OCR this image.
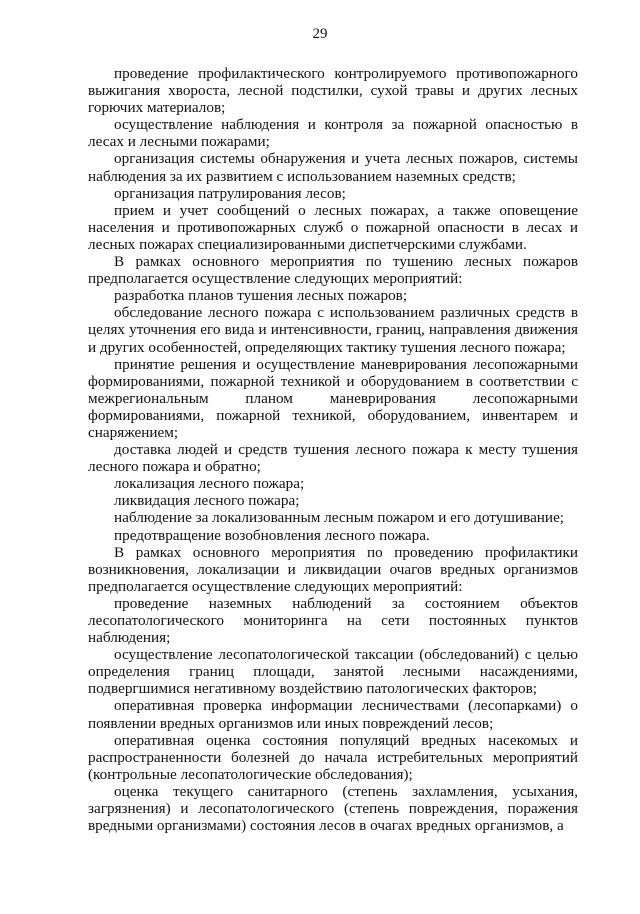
29

проведение профилактического контролируемого противопожарного выжигания хвороста, лесной подстилки, сухой травы и других лесных горючих материалов;

осуществление наблюдения и контроля за пожарной опасностью в лесах и лесными пожарами;

организация системы обнаружения и учета лесных пожаров, системы наблюдения за их развитием с использованием наземных средств;

организация патрулирования лесов;

прием и учет сообщений о лесных пожарах, а также оповещение населения и противопожарных служб о пожарной опасности в лесах и лесных пожарах специализированными диспетчерскими службами.

В рамках основного мероприятия по тушению лесных пожаров предполагается осуществление следующих мероприятий:

разработка планов тушения лесных пожаров;

обследование лесного пожара с использованием различных средств в целях уточнения его вида и интенсивности, границ, направления движения и других особенностей, определяющих тактику тушения лесного пожара;

принятие решения и осуществление маневрирования лесопожарными формированиями, пожарной техникой и оборудованием в соответствии с межрегиональным планом маневрирования лесопожарными формированиями, пожарной техникой, оборудованием, инвентарем и снаряжением;

доставка людей и средств тушения лесного пожара к месту тушения лесного пожара и обратно;

локализация лесного пожара;

ликвидация лесного пожара;

наблюдение за локализованным лесным пожаром и его дотушивание;

предотвращение возобновления лесного пожара.

В рамках основного мероприятия по проведению профилактики возникновения, локализации и ликвидации очагов вредных организмов предполагается осуществление следующих мероприятий:

проведение наземных наблюдений за состоянием объектов лесопатологического мониторинга на сети постоянных пунктов наблюдения;

осуществление лесопатологической таксации (обследований) с целью определения границ площади, занятой лесными насаждениями, подвергшимися негативному воздействию патологических факторов;

оперативная проверка информации лесничествами (лесопарками) о появлении вредных организмов или иных повреждений лесов;

оперативная оценка состояния популяций вредных насекомых и распространенности болезней до начала истребительных мероприятий (контрольные лесопатологические обследования);

оценка текущего санитарного (степень захламления, усыхания, загрязнения) и лесопатологического (степень повреждения, поражения вредными организмами) состояния лесов в очагах вредных организмов, а
